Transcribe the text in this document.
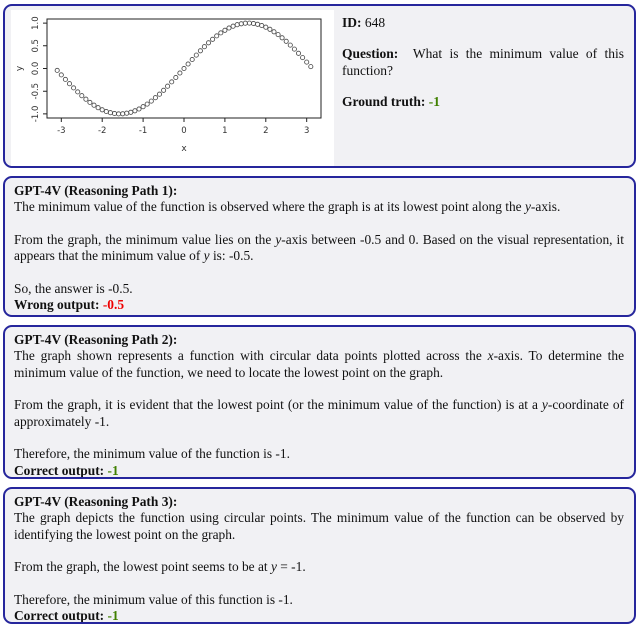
-3	-2	-1	0	1	2	3
-1.0
-0.5
0.0
0.5
1.0
x
y

ID: 648

Question: What is the minimum value of this function?

Ground truth: -1

GPT-4V (Reasoning Path 1):

The minimum value of the function is observed where the graph is at its lowest point along the y-axis.

From the graph, the minimum value lies on the y-axis between -0.5 and 0. Based on the visual representation, it appears that the minimum value of y is: -0.5.

So, the answer is -0.5.

Wrong output: -0.5

GPT-4V (Reasoning Path 2):

The graph shown represents a function with circular data points plotted across the x-axis. To determine the minimum value of the function, we need to locate the lowest point on the graph.

From the graph, it is evident that the lowest point (or the minimum value of the function) is at a y-coordinate of approximately -1.

Therefore, the minimum value of the function is -1.

Correct output: -1

GPT-4V (Reasoning Path 3):

The graph depicts the function using circular points. The minimum value of the function can be observed by identifying the lowest point on the graph.

From the graph, the lowest point seems to be at y = -1.

Therefore, the minimum value of this function is -1.

Correct output: -1
